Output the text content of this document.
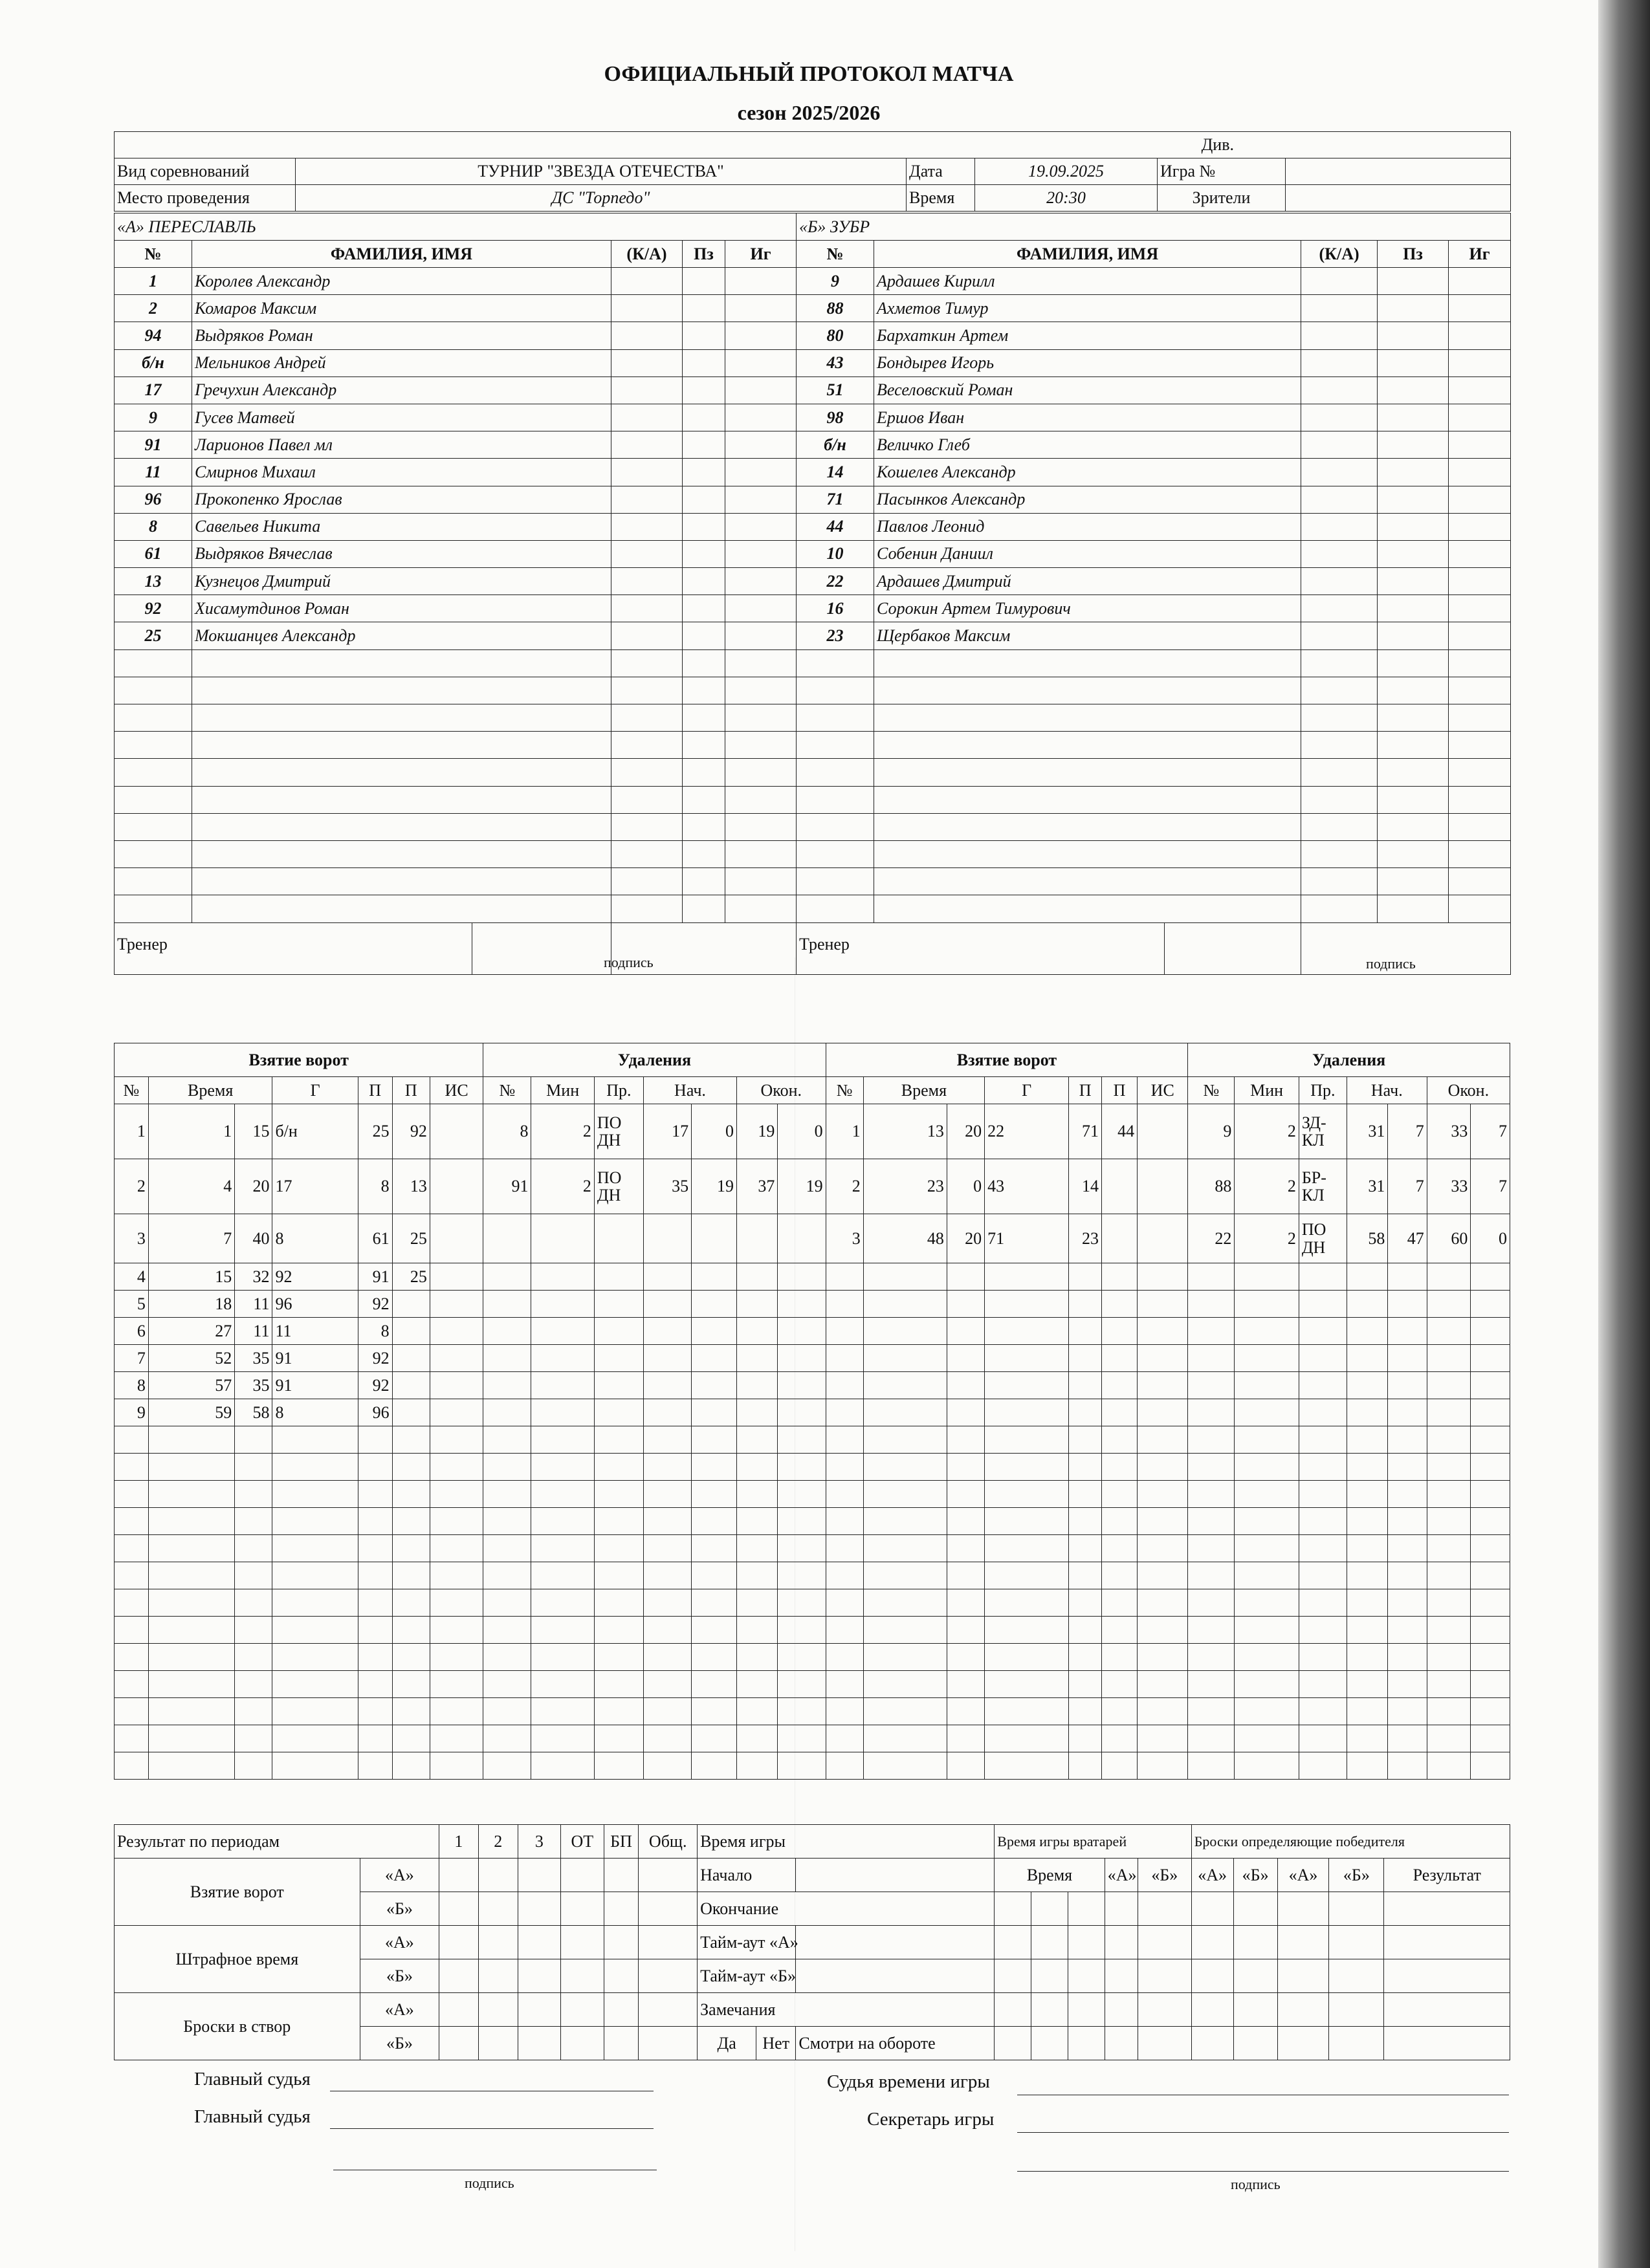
ОФИЦИАЛЬНЫЙ ПРОТОКОЛ МАТЧА
сезон 2025/2026
					Див.	
Вид соревнований	ТУРНИР "ЗВЕЗДА ОТЕЧЕСТВА"	Дата	19.09.2025	Игра №		
Место проведения	ДС "Торпедо"	Время	20:30	Зрители		
«А» ПЕРЕСЛАВЛЬ					«Б» ЗУБР				
№	ФАМИЛИЯ, ИМЯ	(К/А)	Пз	Иг	№	ФАМИЛИЯ, ИМЯ	(К/А)	Пз	Иг
1	Королев Александр				9	Ардашев Кирилл			
2	Комаров Максим				88	Ахметов Тимур			
94	Выдряков Роман				80	Бархаткин Артем			
б/н	Мельников Андрей				43	Бондырев Игорь			
17	Гречухин Александр				51	Веселовский Роман			
9	Гусев Матвей				98	Ершов Иван			
91	Ларионов Павел мл				б/н	Величко Глеб			
11	Смирнов Михаил				14	Кошелев Александр			
96	Прокопенко Ярослав				71	Пасынков Александр			
8	Савельев Никита				44	Павлов Леонид			
61	Выдряков Вячеслав				10	Собенин Даниил			
13	Кузнецов Дмитрий				22	Ардашев Дмитрий			
92	Хисамутдинов Роман				16	Сорокин Артем Тимурович			
25	Мокшанцев Александр				23	Щербаков Максим			

Тренер		подпись			Тренер		подпись		
Взятие ворот							Удаления							Взятие ворот							Удаления						
№	Время		Г	П	П	ИС	№	Мин	Пр.	Нач.		Окон.		№	Время		Г	П	П	ИС	№	Мин	Пр.	Нач.		Окон.	
1	1	15	б/н	25	92		8	2	ПО ДН	17	0	19	0	1	13	20	22	71	44		9	2	ЗД-КЛ	31	7	33	7
2	4	20	17	8	13		91	2	ПО ДН	35	19	37	19	2	23	0	43	14			88	2	БР-КЛ	31	7	33	7
3	7	40	8	61	25									3	48	20	71	23			22	2	ПО ДН	58	47	60	0
4	15	32	92	91	25																						
5	18	11	96	92																							
6	27	11	11	8																							
7	52	35	91	92																							
8	57	35	91	92																							
9	59	58	8	96																							

Результат по периодам		1	2	3	ОТ	БП	Общ.	Время игры			Время игры вратарей					Броски определяющие победителя				
Взятие ворот	«А»							Начало			Время			«А»	«Б»	«А»	«Б»	«А»	«Б»	Результат
	«Б»							Окончание												
Штрафное время	«А»							Тайм-аут «А»												
	«Б»							Тайм-аут «Б»												
Броски в створ	«А»							Замечания												
	«Б»							Да	Нет	Смотри на обороте										
Главный судья
Главный судья
подпись
Судья времени игры
Секретарь игры
подпись
